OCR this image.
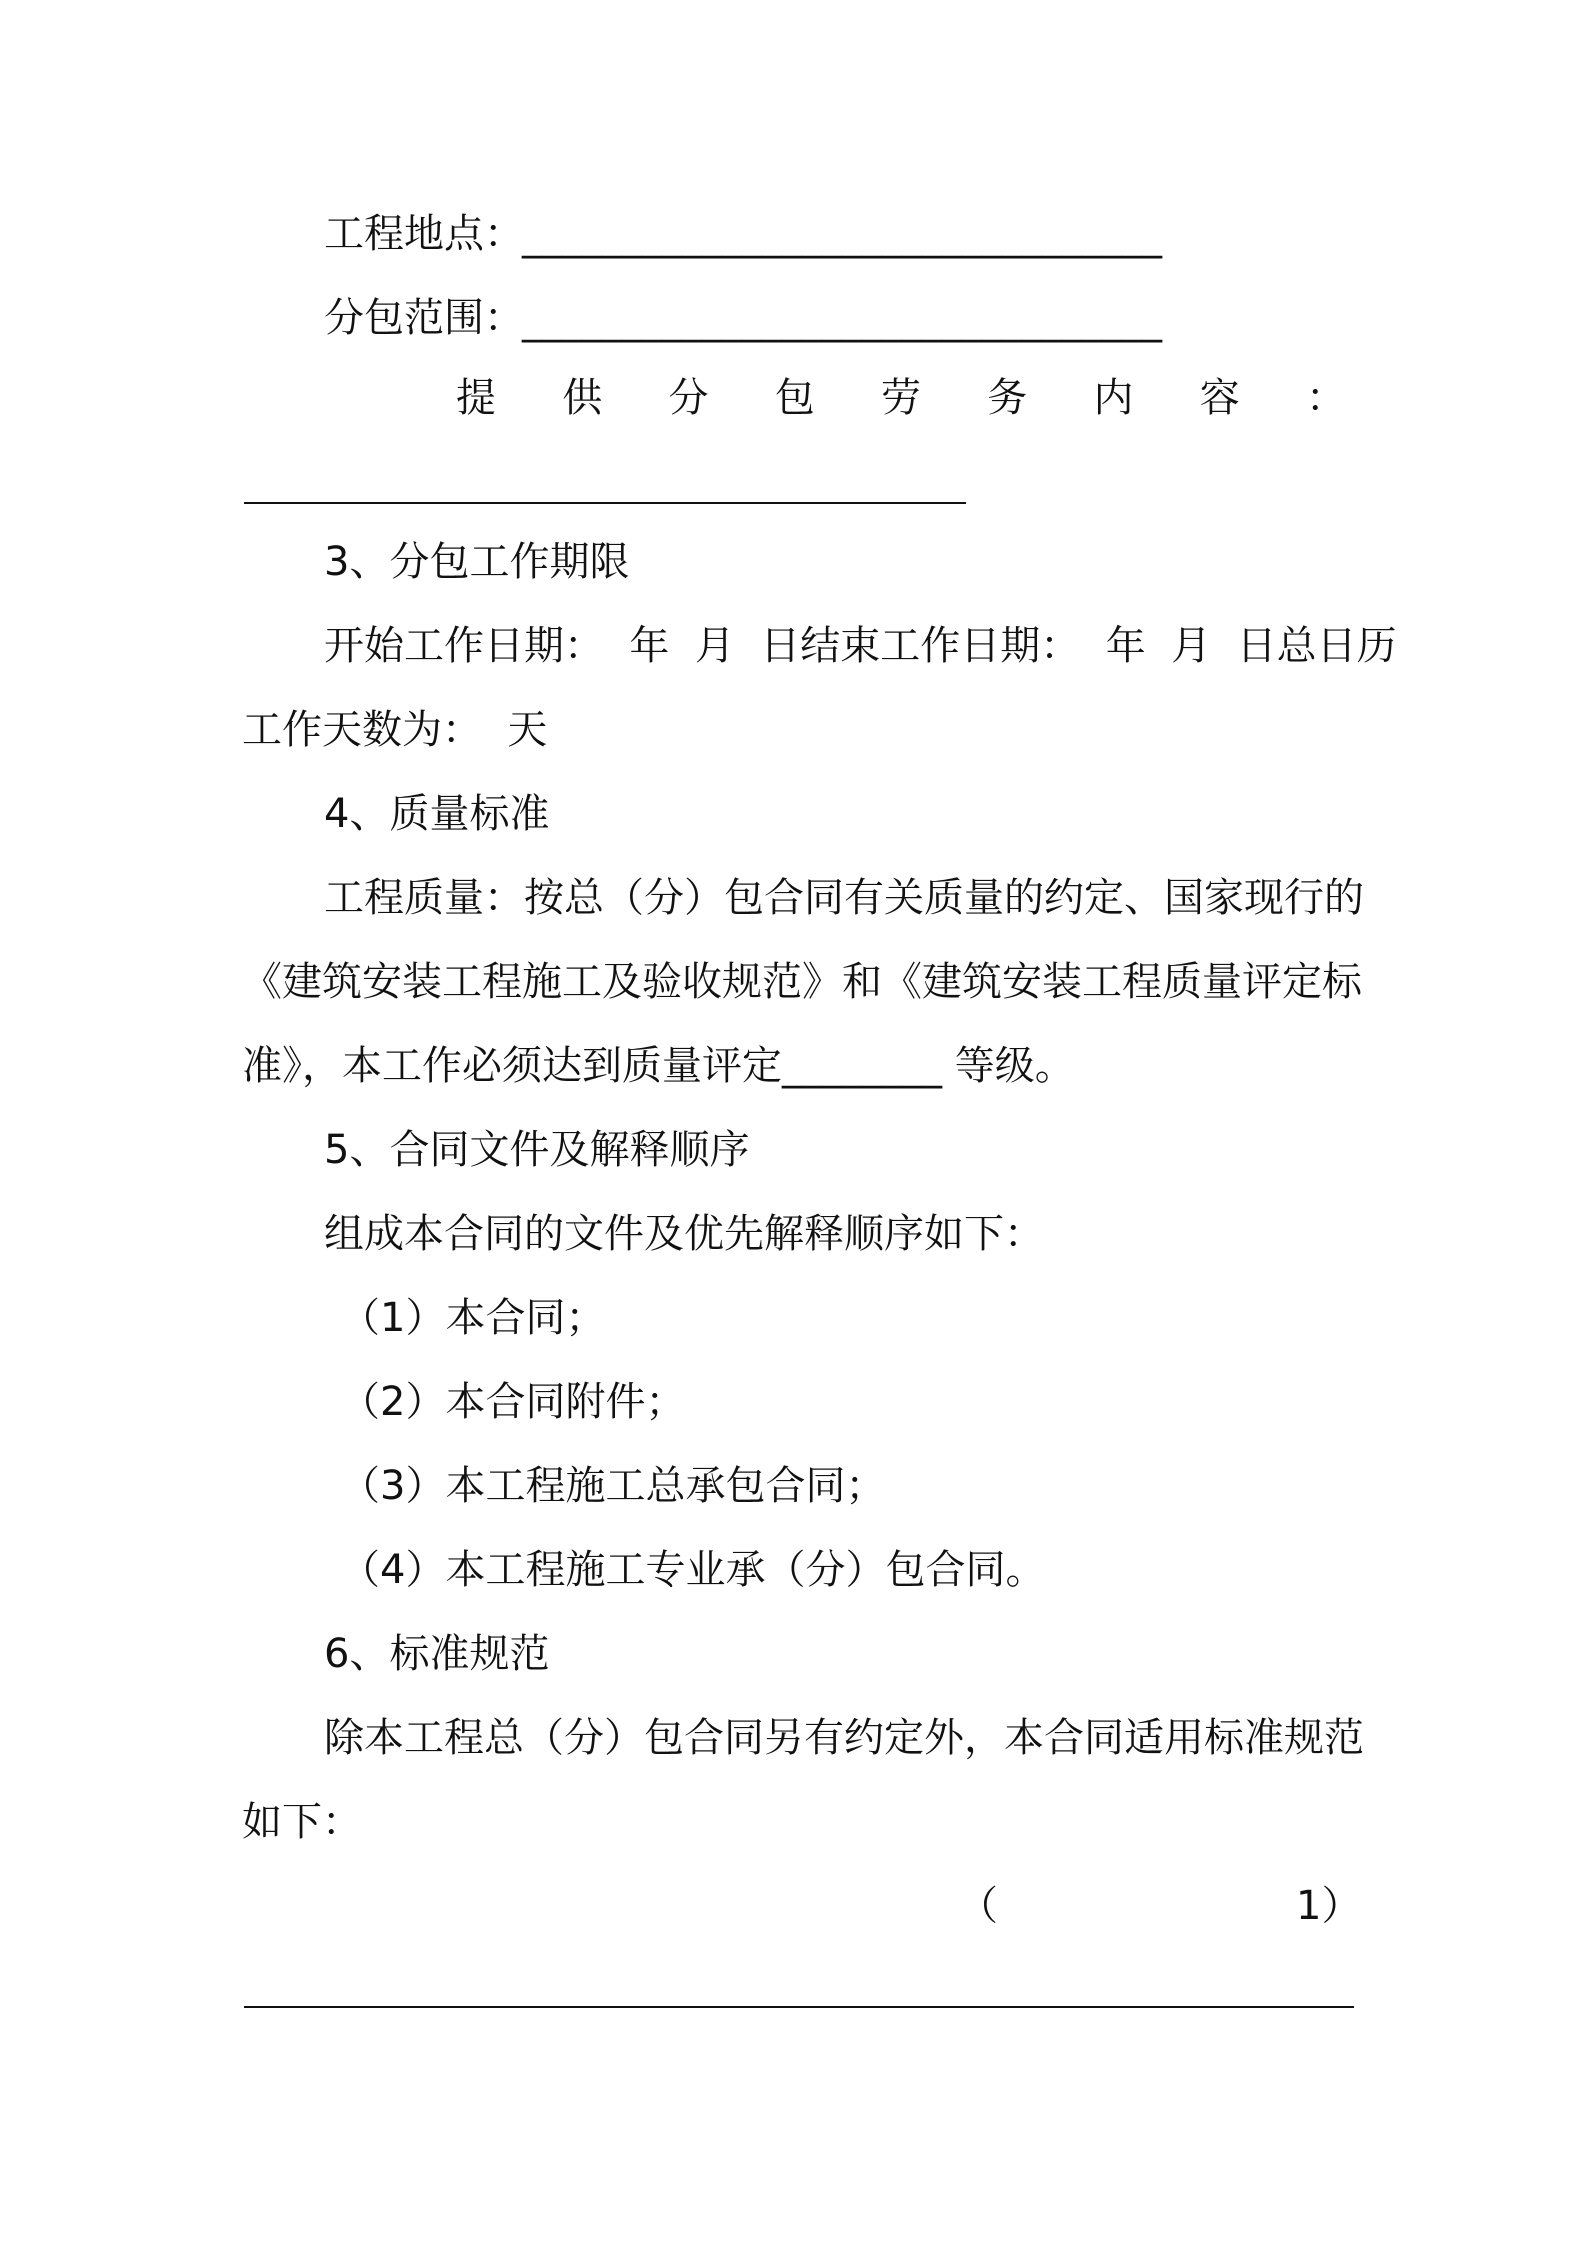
工程地点：
________________________________
分包范围：
________________________________
提 供 分 包 劳 务 内 容 ：
3、分包工作期限
开始工作日期：  年  月  日结束工作日期：  年  月  日总日历
工作天数为：  天
4、质量标准
工程质量：按总（分）包合同有关质量的约定、国家现行的
《建筑安装工程施工及验收规范》和《建筑安装工程质量评定标
准》，本工作必须达到质量评定________ 等级。
5、合同文件及解释顺序
组成本合同的文件及优先解释顺序如下：
（1）本合同；
（2）本合同附件；
（3）本工程施工总承包合同；
（4）本工程施工专业承（分）包合同。
6、标准规范
除本工程总（分）包合同另有约定外，本合同适用标准规范
如下：
（	1）
